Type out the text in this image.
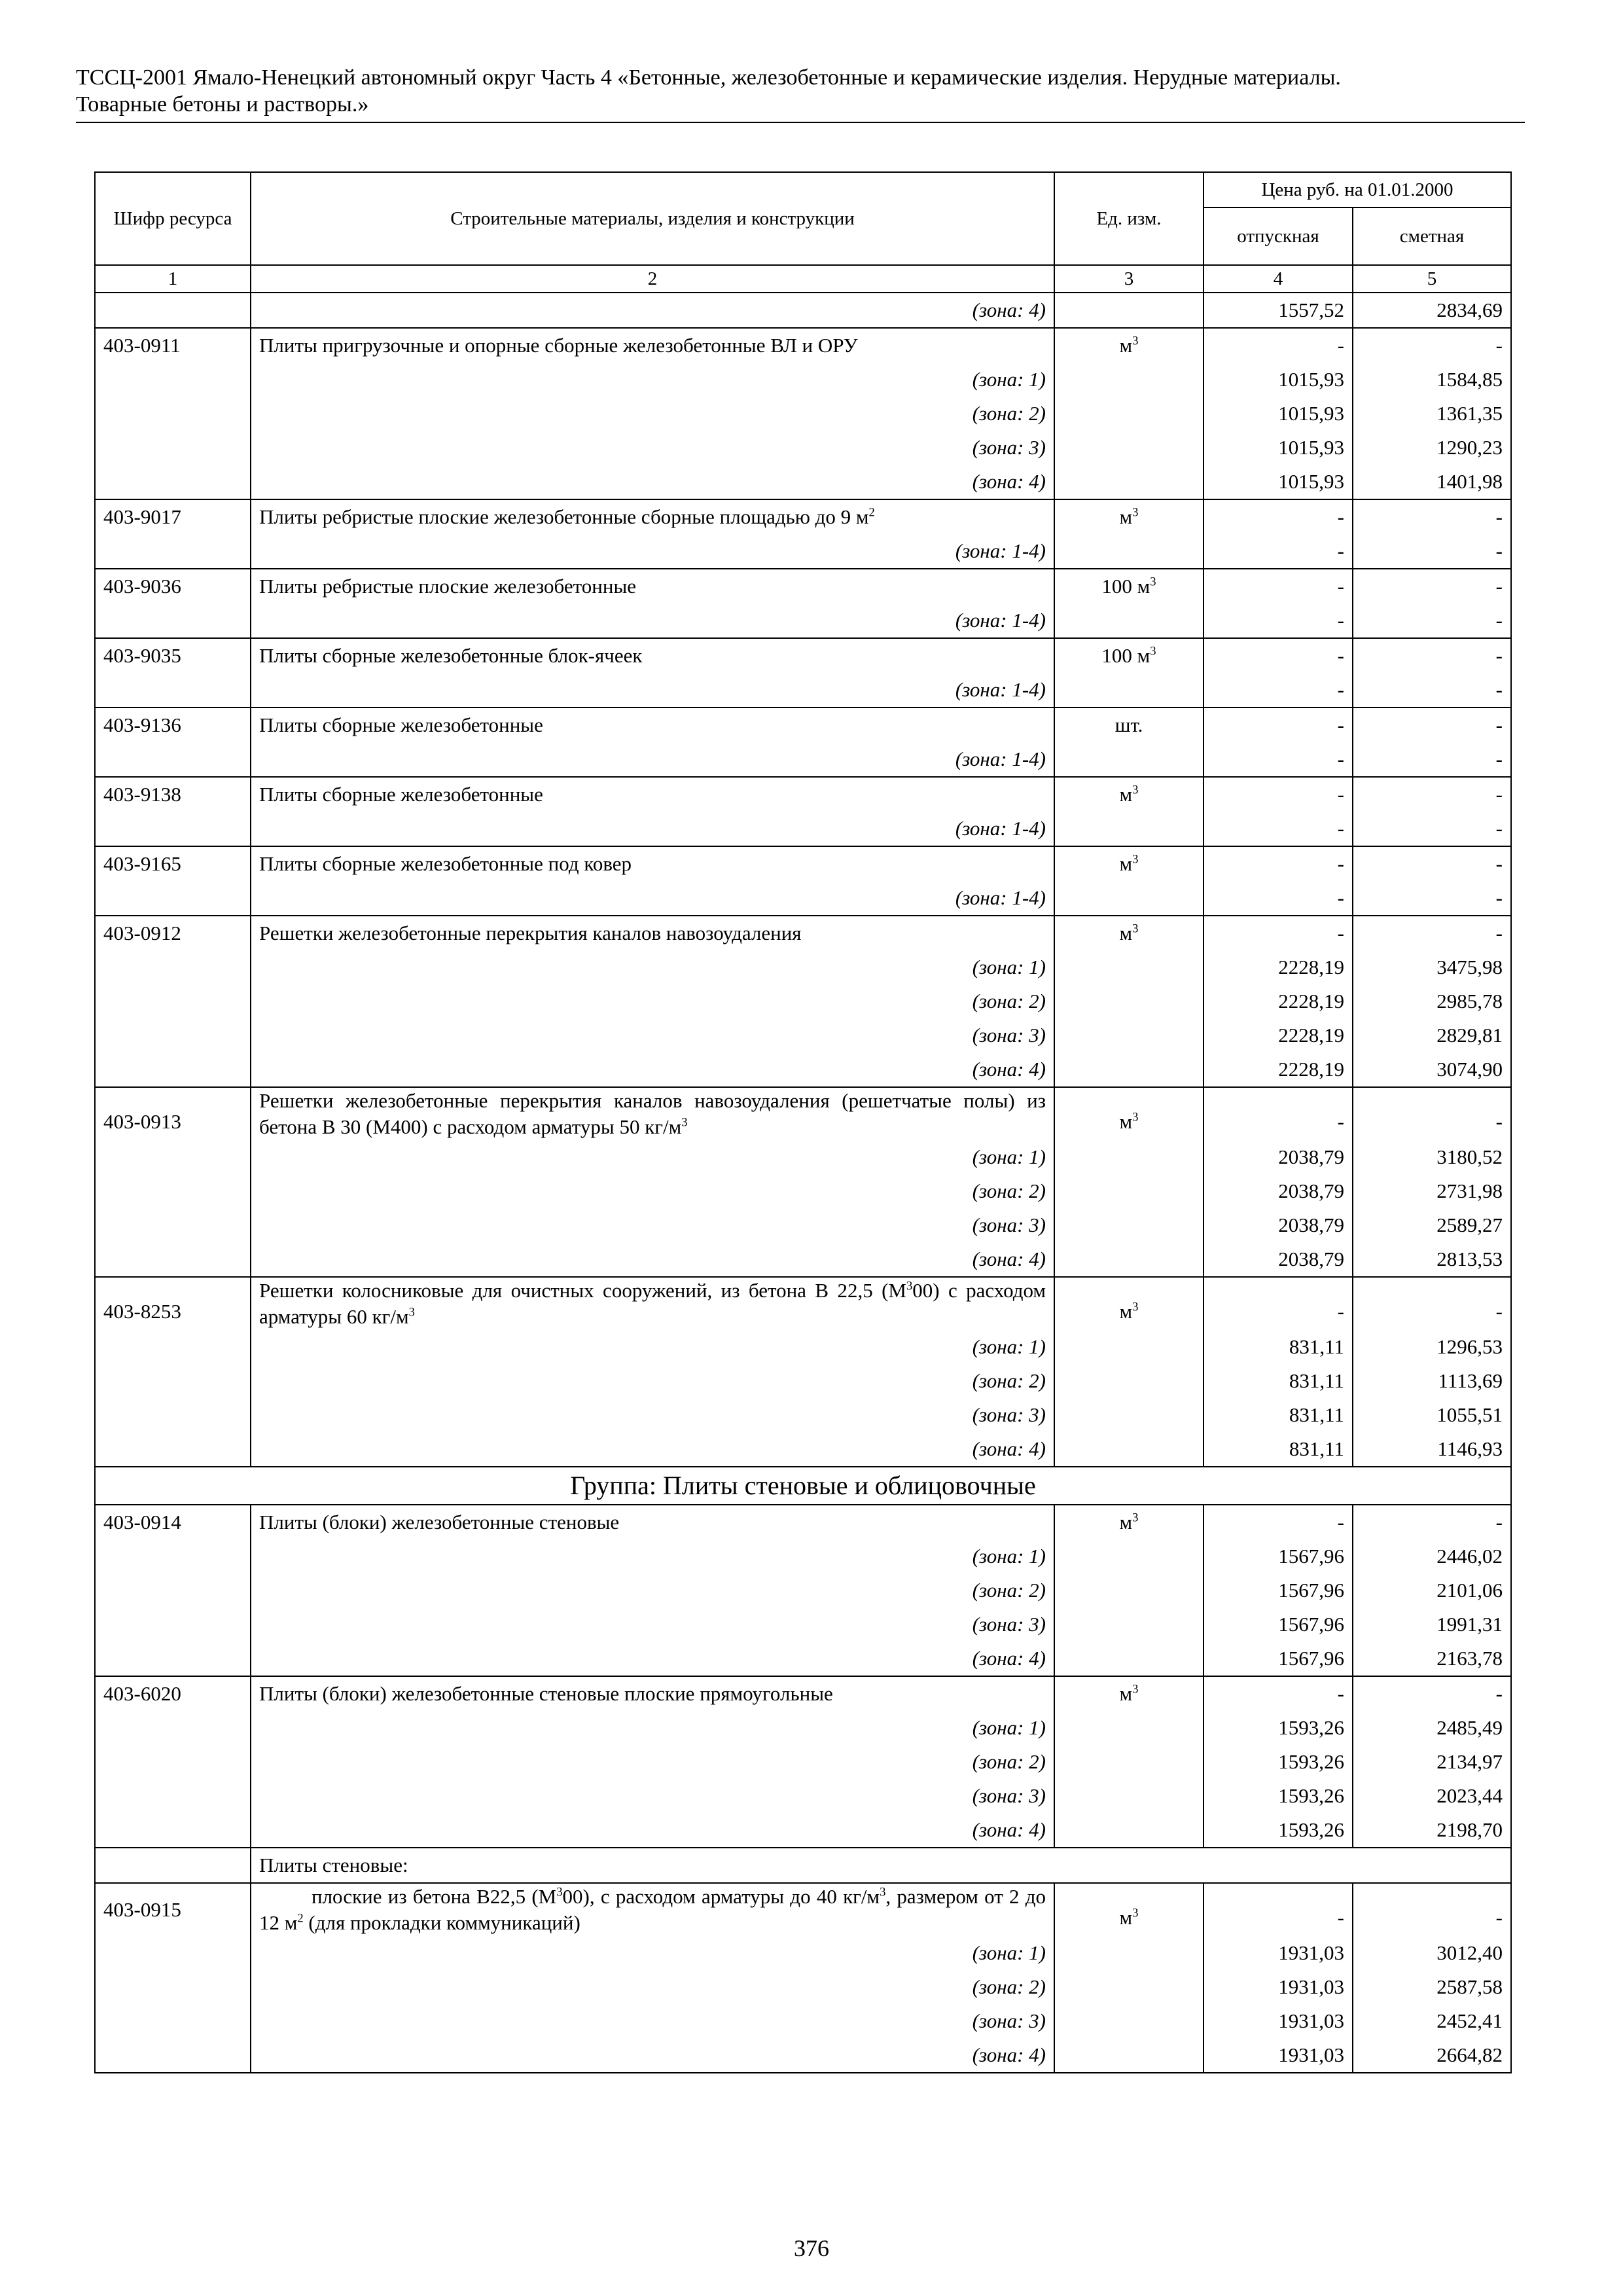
ТССЦ-2001 Ямало-Ненецкий автономный округ Часть 4 «Бетонные, железобетонные и керамические изделия. Нерудные материалы.
Товарные бетоны и растворы.»
Шифр ресурса	Строительные материалы, изделия и конструкции	Ед. изм.	Цена руб. на 01.01.2000	
			отпускная	сметная
1	2	3	4	5
	(зона: 4)		1557,52	2834,69
403-0911	Плиты пригрузочные и опорные сборные железобетонные ВЛ и ОРУ	$м^3$	-	-
	(зона: 1)		1015,93	1584,85
	(зона: 2)		1015,93	1361,35
	(зона: 3)		1015,93	1290,23
	(зона: 4)		1015,93	1401,98
403-9017	Плиты ребристые плоские железобетонные сборные площадью до 9 $м^2$	$м^3$	-	-
	(зона: 1-4)		-	-
403-9036	Плиты ребристые плоские железобетонные	100 $м^3$	-	-
	(зона: 1-4)		-	-
403-9035	Плиты сборные железобетонные блок-ячеек	100 $м^3$	-	-
	(зона: 1-4)		-	-
403-9136	Плиты сборные железобетонные	шт.	-	-
	(зона: 1-4)		-	-
403-9138	Плиты сборные железобетонные	$м^3$	-	-
	(зона: 1-4)		-	-
403-9165	Плиты сборные железобетонные под ковер	$м^3$	-	-
	(зона: 1-4)		-	-
403-0912	Решетки железобетонные перекрытия каналов навозоудаления	$м^3$	-	-
	(зона: 1)		2228,19	3475,98
	(зона: 2)		2228,19	2985,78
	(зона: 3)		2228,19	2829,81
	(зона: 4)		2228,19	3074,90
403-0913	Решетки железобетонные перекрытия каналов навозоудаления (решетчатые полы) из бетона В 30 (М400) с расходом арматуры 50 $кг/м^3$	$м^3$	-	-
	(зона: 1)		2038,79	3180,52
	(зона: 2)		2038,79	2731,98
	(зона: 3)		2038,79	2589,27
	(зона: 4)		2038,79	2813,53
403-8253	Решетки колосниковые для очистных сооружений, из бетона В 22,5 $(М^300)$ с расходом арматуры 60 $кг/м^3$	$м^3$	-	-
	(зона: 1)		831,11	1296,53
	(зона: 2)		831,11	1113,69
	(зона: 3)		831,11	1055,51
	(зона: 4)		831,11	1146,93
Группа: Плиты стеновые и облицовочные				
403-0914	Плиты (блоки) железобетонные стеновые	$м^3$	-	-
	(зона: 1)		1567,96	2446,02
	(зона: 2)		1567,96	2101,06
	(зона: 3)		1567,96	1991,31
	(зона: 4)		1567,96	2163,78
403-6020	Плиты (блоки) железобетонные стеновые плоские прямоугольные	$м^3$	-	-
	(зона: 1)		1593,26	2485,49
	(зона: 2)		1593,26	2134,97
	(зона: 3)		1593,26	2023,44
	(зона: 4)		1593,26	2198,70
	Плиты стеновые:			
403-0915	плоские из бетона В22,5 $(М^300)$, с расходом арматуры до 40 $кг/м^3$, размером от 2 до 12 $м^2$ (для прокладки коммуникаций)	$м^3$	-	-
	(зона: 1)		1931,03	3012,40
	(зона: 2)		1931,03	2587,58
	(зона: 3)		1931,03	2452,41
	(зона: 4)		1931,03	2664,82
376
